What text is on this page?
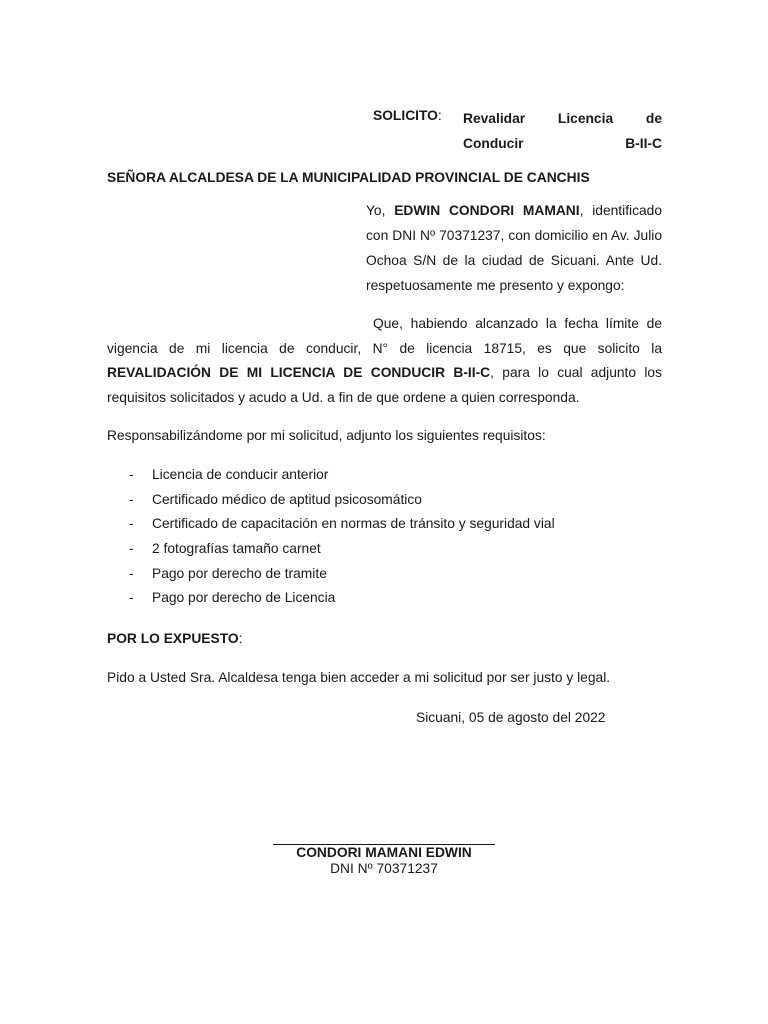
SOLICITO: Revalidar Licencia de Conducir B-II-C
SEÑORA ALCALDESA DE LA MUNICIPALIDAD PROVINCIAL DE CANCHIS
Yo, EDWIN CONDORI MAMANI, identificado con DNI Nº 70371237, con domicilio en Av. Julio Ochoa S/N de la ciudad de Sicuani. Ante Ud. respetuosamente me presento y expongo:
Que, habiendo alcanzado la fecha límite de vigencia de mi licencia de conducir, N° de licencia 18715, es que solicito la REVALIDACIÓN DE MI LICENCIA DE CONDUCIR B-II-C, para lo cual adjunto los requisitos solicitados y acudo a Ud. a fin de que ordene a quien corresponda.
Responsabilizándome por mi solicitud, adjunto los siguientes requisitos:
- Licencia de conducir anterior
- Certificado médico de aptitud psicosomático
- Certificado de capacitación en normas de tránsito y seguridad vial
- 2 fotografías tamaño carnet
- Pago por derecho de tramite
- Pago por derecho de Licencia
POR LO EXPUESTO:
Pido a Usted Sra. Alcaldesa tenga bien acceder a mi solicitud por ser justo y legal.
Sicuani, 05 de agosto del 2022
CONDORI MAMANI EDWIN
DNI Nº 70371237
